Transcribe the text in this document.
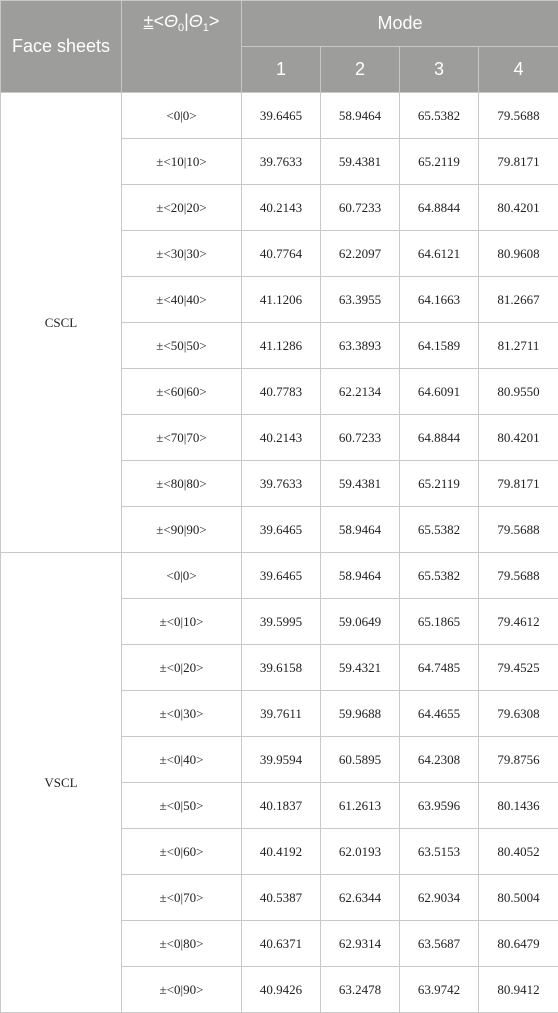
Face sheets	$\pm<\Theta_0|\Theta_1>$	Mode			
		1	2	3	4
CSCL	<0|0>	39.6465	58.9464	65.5382	79.5688
	±<10|10>	39.7633	59.4381	65.2119	79.8171
	±<20|20>	40.2143	60.7233	64.8844	80.4201
	±<30|30>	40.7764	62.2097	64.6121	80.9608
	±<40|40>	41.1206	63.3955	64.1663	81.2667
	±<50|50>	41.1286	63.3893	64.1589	81.2711
	±<60|60>	40.7783	62.2134	64.6091	80.9550
	±<70|70>	40.2143	60.7233	64.8844	80.4201
	±<80|80>	39.7633	59.4381	65.2119	79.8171
	±<90|90>	39.6465	58.9464	65.5382	79.5688
VSCL	<0|0>	39.6465	58.9464	65.5382	79.5688
	±<0|10>	39.5995	59.0649	65.1865	79.4612
	±<0|20>	39.6158	59.4321	64.7485	79.4525
	±<0|30>	39.7611	59.9688	64.4655	79.6308
	±<0|40>	39.9594	60.5895	64.2308	79.8756
	±<0|50>	40.1837	61.2613	63.9596	80.1436
	±<0|60>	40.4192	62.0193	63.5153	80.4052
	±<0|70>	40.5387	62.6344	62.9034	80.5004
	±<0|80>	40.6371	62.9314	63.5687	80.6479
	±<0|90>	40.9426	63.2478	63.9742	80.9412
